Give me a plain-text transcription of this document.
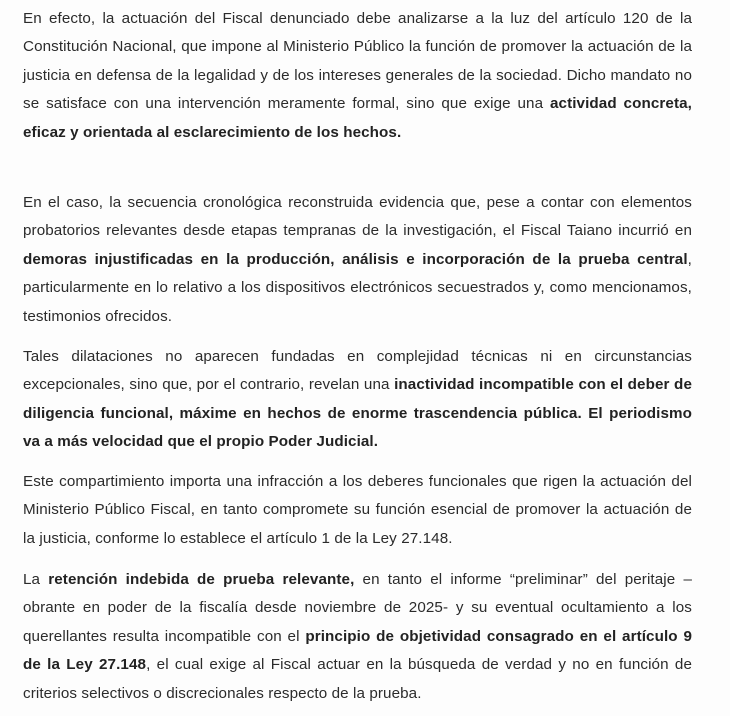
En efecto, la actuación del Fiscal denunciado debe analizarse a la luz del artículo 120 de la Constitución Nacional, que impone al Ministerio Público la función de promover la actuación de la justicia en defensa de la legalidad y de los intereses generales de la sociedad. Dicho mandato no se satisface con una intervención meramente formal, sino que exige una actividad concreta, eficaz y orientada al esclarecimiento de los hechos.

En el caso, la secuencia cronológica reconstruida evidencia que, pese a contar con elementos probatorios relevantes desde etapas tempranas de la investigación, el Fiscal Taiano incurrió en demoras injustificadas en la producción, análisis e incorporación de la prueba central, particularmente en lo relativo a los dispositivos electrónicos secuestrados y, como mencionamos, testimonios ofrecidos.

Tales dilataciones no aparecen fundadas en complejidad técnicas ni en circunstancias excepcionales, sino que, por el contrario, revelan una inactividad incompatible con el deber de diligencia funcional, máxime en hechos de enorme trascendencia pública. El periodismo va a más velocidad que el propio Poder Judicial.

Este compartimiento importa una infracción a los deberes funcionales que rigen la actuación del Ministerio Público Fiscal, en tanto compromete su función esencial de promover la actuación de la justicia, conforme lo establece el artículo 1 de la Ley 27.148.

La retención indebida de prueba relevante, en tanto el informe “preliminar” del peritaje –obrante en poder de la fiscalía desde noviembre de 2025- y su eventual ocultamiento a los querellantes resulta incompatible con el principio de objetividad consagrado en el artículo 9 de la Ley 27.148, el cual exige al Fiscal actuar en la búsqueda de verdad y no en función de criterios selectivos o discrecionales respecto de la prueba.
